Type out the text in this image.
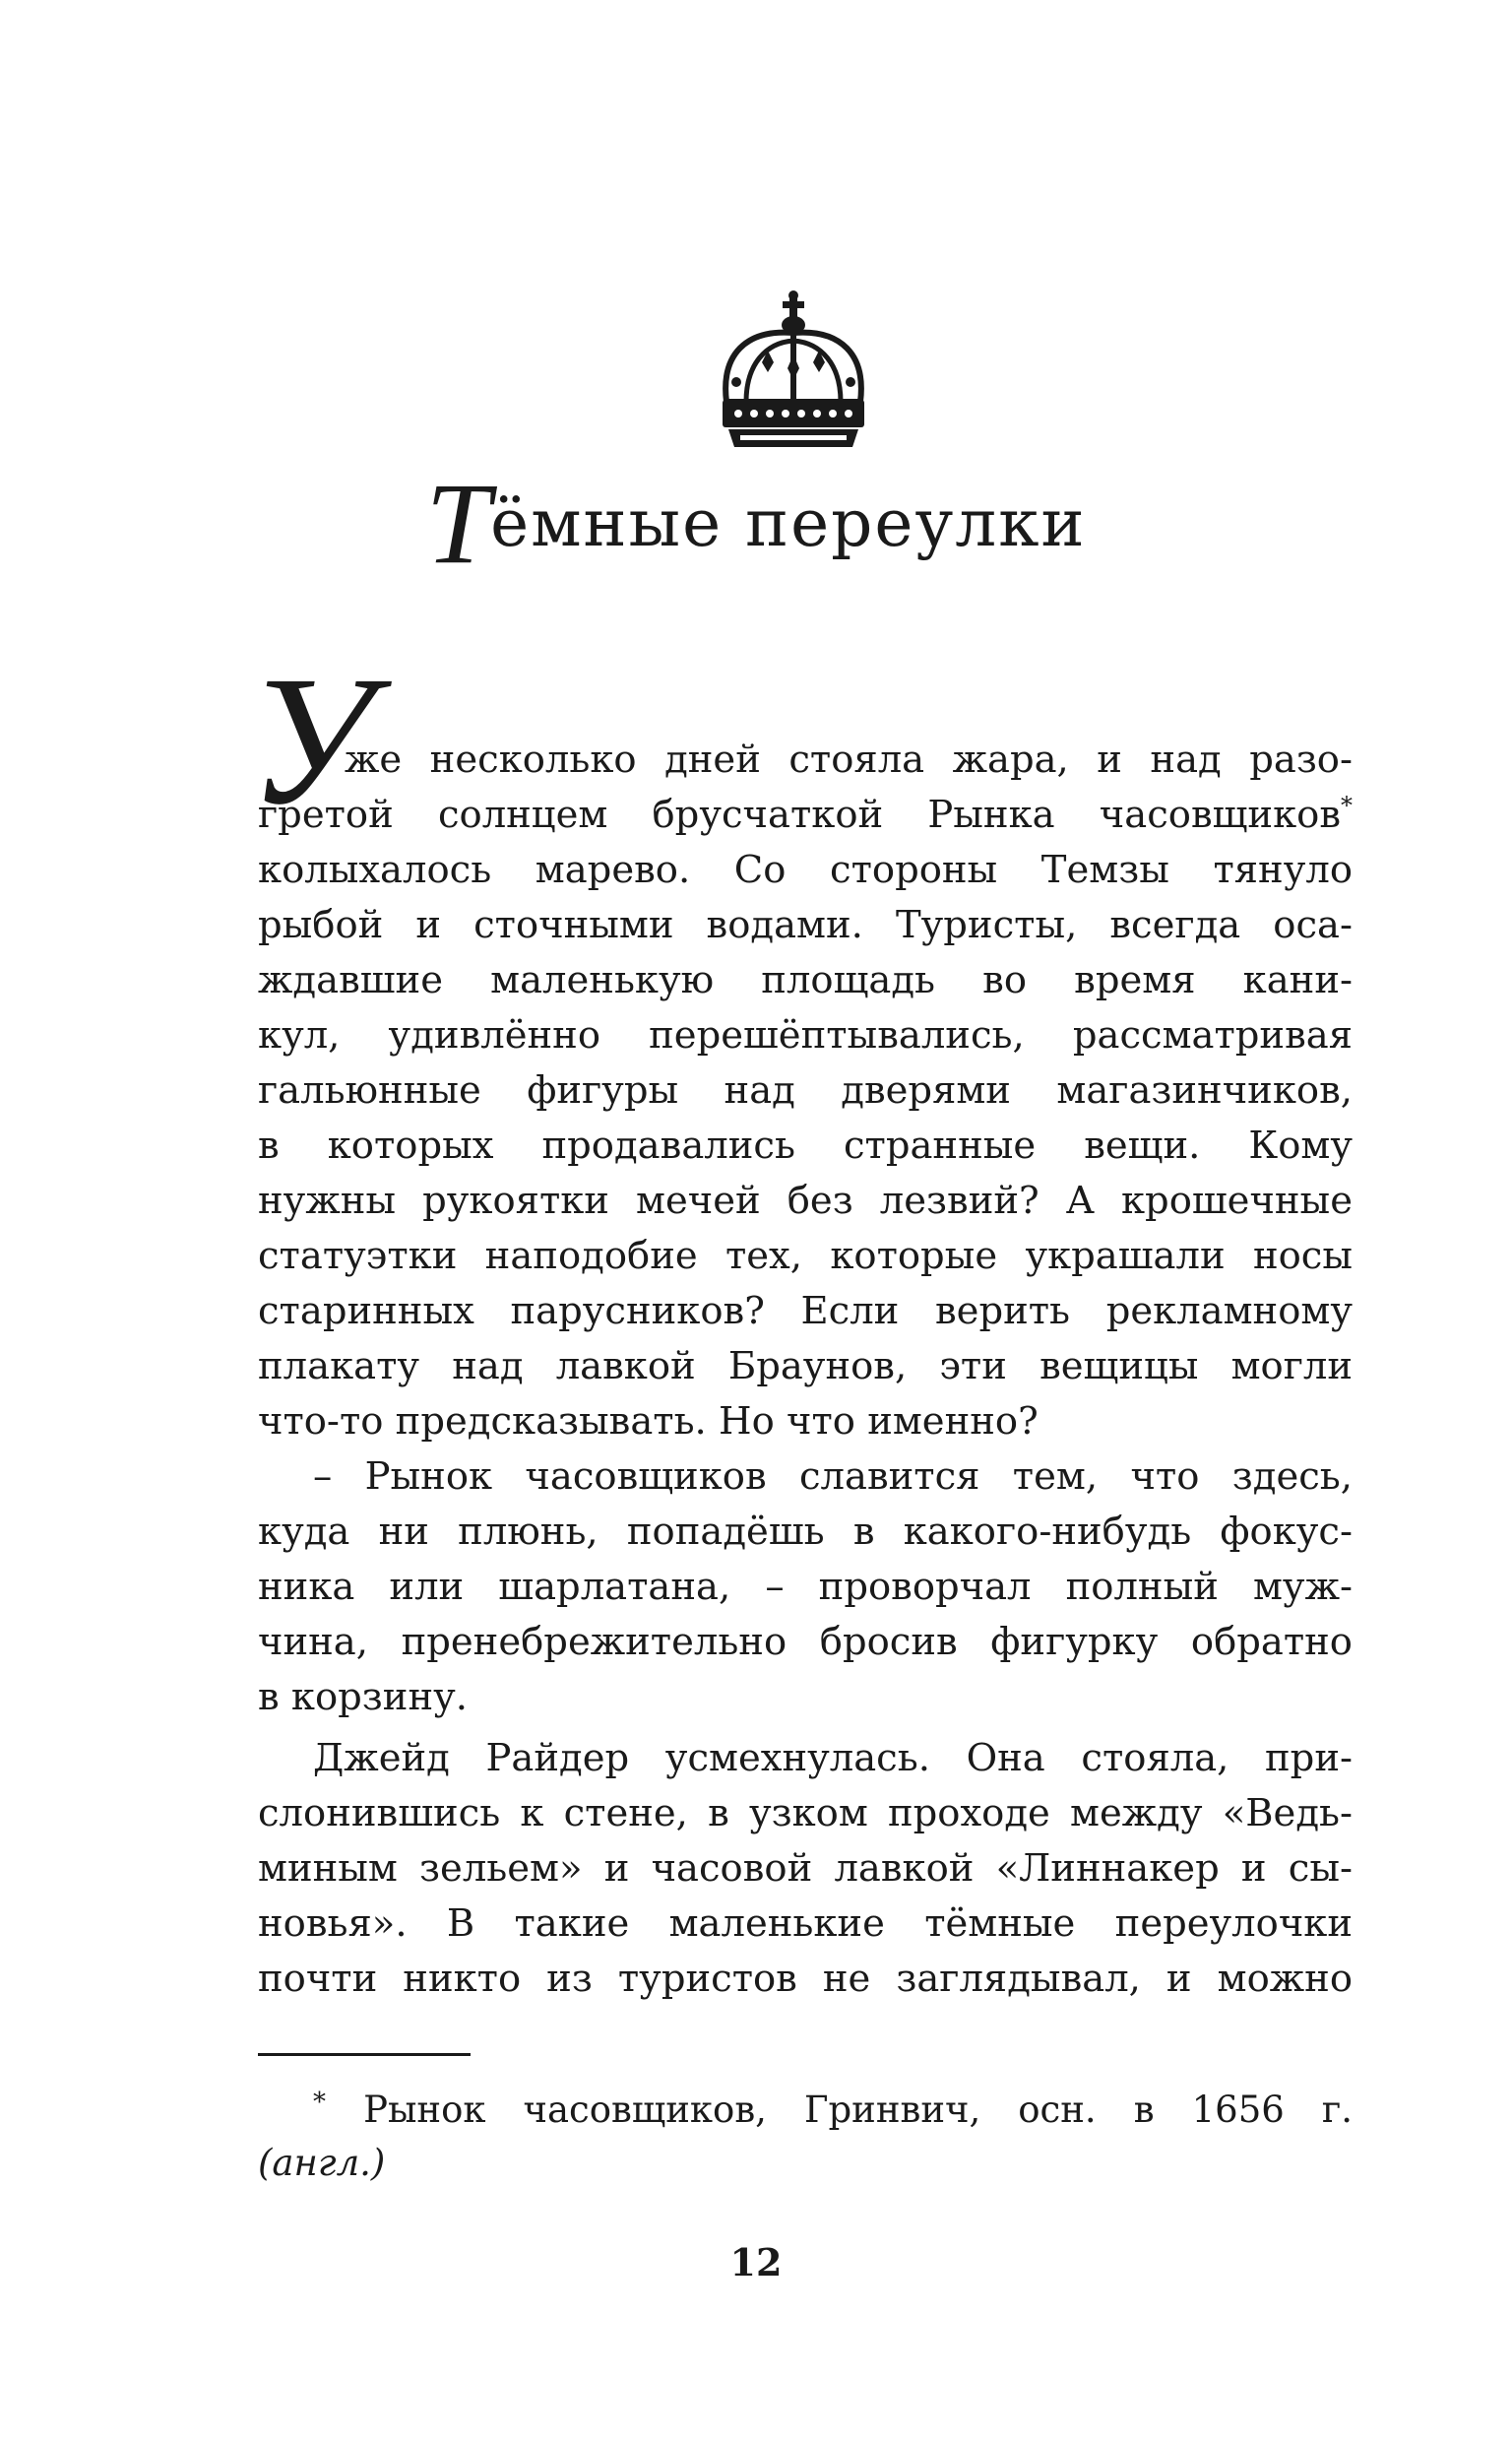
Тёмные переулки
У
же несколько дней стояла жара, и над разо-
гретой солнцем брусчаткой Рынка часовщиков*
колыхалось марево. Со стороны Темзы тянуло
рыбой и сточными водами. Туристы, всегда оса-
ждавшие маленькую площадь во время кани-
кул, удивлённо перешёптывались, рассматривая
гальюнные фигуры над дверями магазинчиков,
в которых продавались странные вещи. Кому
нужны рукоятки мечей без лезвий? А крошечные
статуэтки наподобие тех, которые украшали носы
старинных парусников? Если верить рекламному
плакату над лавкой Браунов, эти вещицы могли
что-то предсказывать. Но что именно?
– Рынок часовщиков славится тем, что здесь,
куда ни плюнь, попадёшь в какого-нибудь фокус-
ника или шарлатана, – проворчал полный муж-
чина, пренебрежительно бросив фигурку обратно
в корзину.
Джейд Райдер усмехнулась. Она стояла, при-
слонившись к стене, в узком проходе между «Ведь-
миным зельем» и часовой лавкой «Линнакер и сы-
новья». В такие маленькие тёмные переулочки
почти никто из туристов не заглядывал, и можно
* Рынок часовщиков, Гринвич, осн. в 1656 г.
(англ.)
12
